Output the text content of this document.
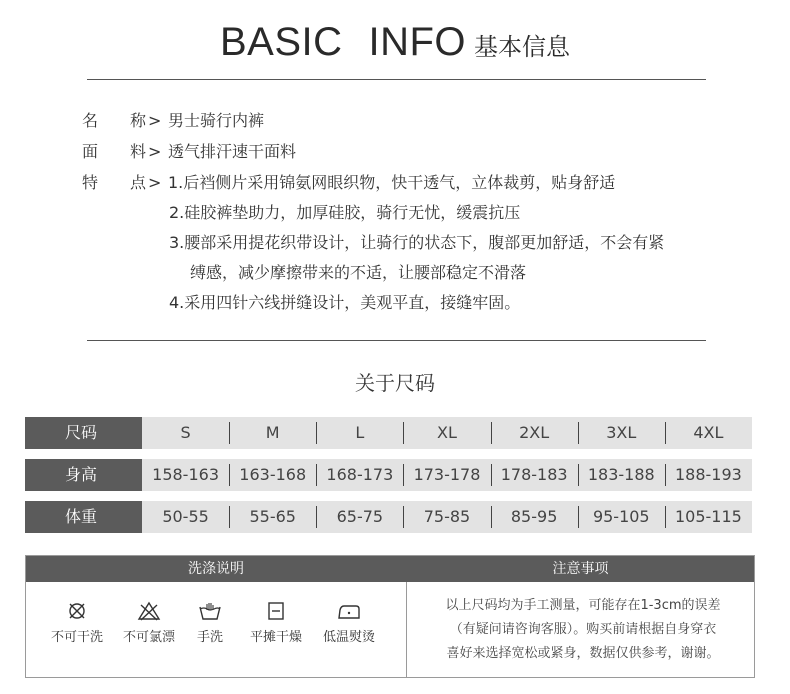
BASIC INFO 基本信息
名 称 > 男士骑行内裤
面 料 > 透气排汗速干面料
特 点 > 1.后裆侧片采用锦氨网眼织物，快干透气，立体裁剪，贴身舒适
2.硅胶裤垫助力，加厚硅胶，骑行无忧，缓震抗压
3.腰部采用提花织带设计，让骑行的状态下，腹部更加舒适，不会有紧
缚感，减少摩擦带来的不适，让腰部稳定不滑落
4.采用四针六线拼缝设计，美观平直，接缝牢固。
关于尺码
尺码	S	M	L	XL	2XL	3XL	4XL
身高	158-163	163-168	168-173	173-178	178-183	183-188	188-193
体重	50-55	55-65	65-75	75-85	85-95	95-105	105-115
洗涤说明	注意事项
不可干洗	不可氯漂	手洗	平摊干燥	低温熨烫
以上尺码均为手工测量，可能存在1-3cm的误差
（有疑问请咨询客服）。购买前请根据自身穿衣
喜好来选择宽松或紧身，数据仅供参考，谢谢。
